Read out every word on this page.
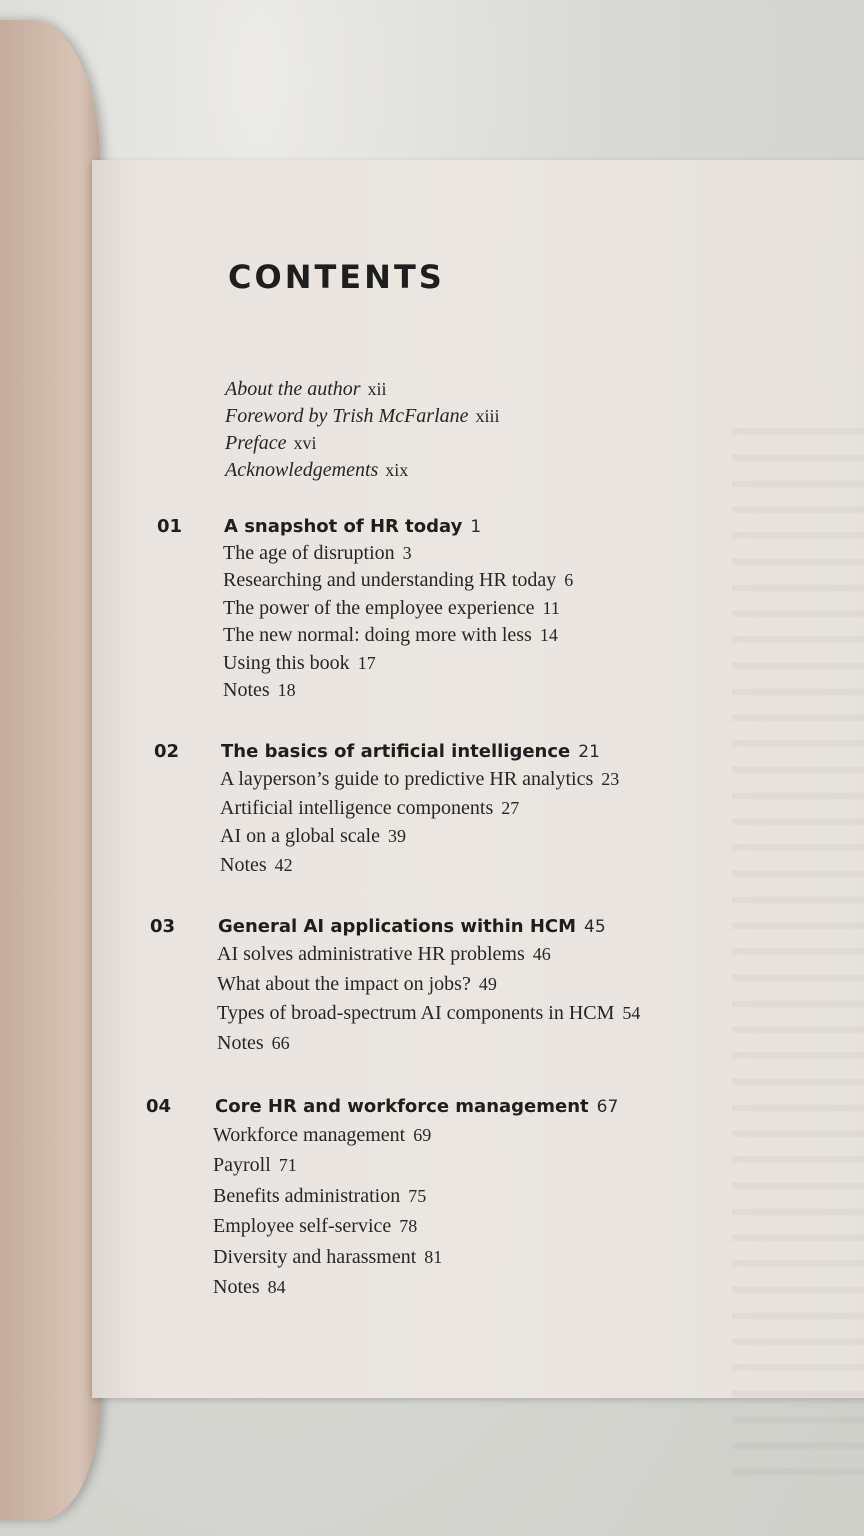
CONTENTS
About the author xii
Foreword by Trish McFarlane xiii
Preface xvi
Acknowledgements xix
01 A snapshot of HR today 1
The age of disruption 3
Researching and understanding HR today 6
The power of the employee experience 11
The new normal: doing more with less 14
Using this book 17
Notes 18
02 The basics of artificial intelligence 21
A layperson’s guide to predictive HR analytics 23
Artificial intelligence components 27
AI on a global scale 39
Notes 42
03 General AI applications within HCM 45
AI solves administrative HR problems 46
What about the impact on jobs? 49
Types of broad-spectrum AI components in HCM 54
Notes 66
04 Core HR and workforce management 67
Workforce management 69
Payroll 71
Benefits administration 75
Employee self-service 78
Diversity and harassment 81
Notes 84
